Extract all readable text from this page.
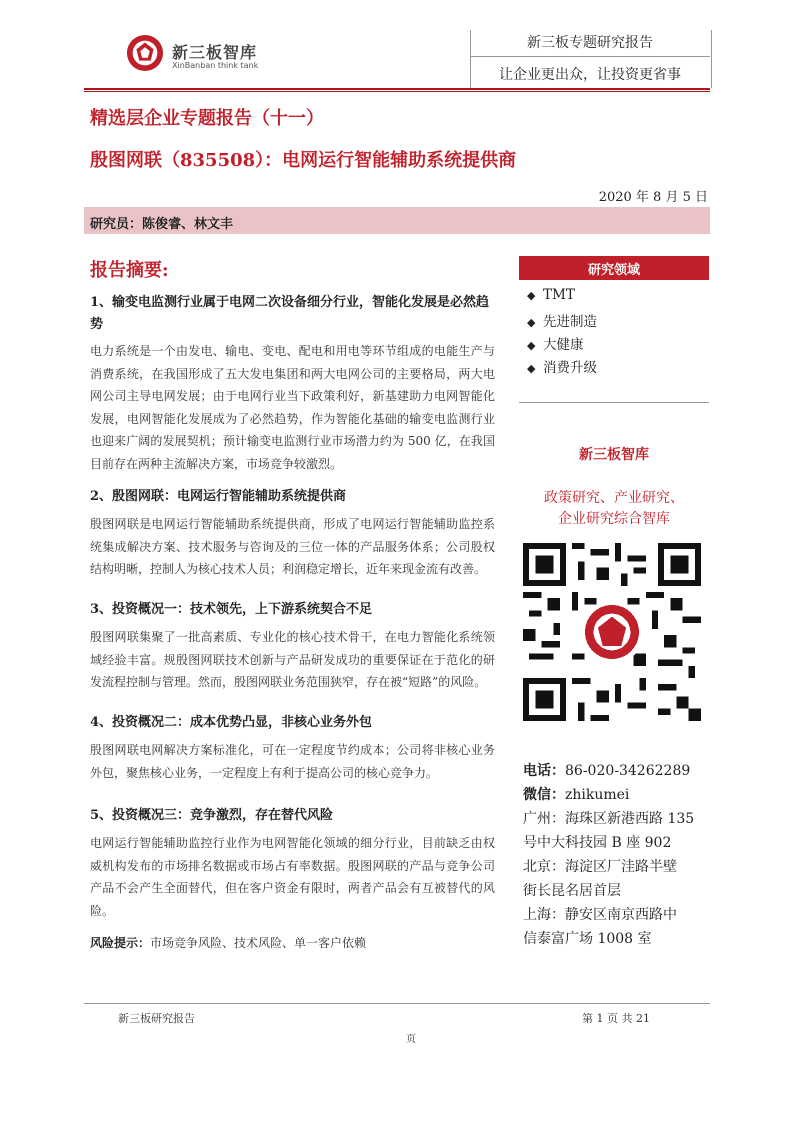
新三板智库
XinBanban think tank
新三板专题研究报告
让企业更出众，让投资更省事
精选层企业专题报告（十一）
殷图网联（835508）：电网运行智能辅助系统提供商
2020 年 8 月 5 日
研究员：陈俊睿、林文丰
报告摘要:
1、输变电监测行业属于电网二次设备细分行业，智能化发展是必然趋势
电力系统是一个由发电、输电、变电、配电和用电等环节组成的电能生产与消费系统，在我国形成了五大发电集团和两大电网公司的主要格局，两大电网公司主导电网发展；由于电网行业当下政策利好，新基建助力电网智能化发展，电网智能化发展成为了必然趋势，作为智能化基础的输变电监测行业也迎来广阔的发展契机；预计输变电监测行业市场潜力约为 500 亿，在我国目前存在两种主流解决方案，市场竞争较激烈。
2、殷图网联：电网运行智能辅助系统提供商
殷图网联是电网运行智能辅助系统提供商，形成了电网运行智能辅助监控系统集成解决方案、技术服务与咨询及的三位一体的产品服务体系；公司股权结构明晰，控制人为核心技术人员；利润稳定增长，近年来现金流有改善。
3、投资概况一：技术领先，上下游系统契合不足
殷图网联集聚了一批高素质、专业化的核心技术骨干，在电力智能化系统领域经验丰富。规殷图网联技术创新与产品研发成功的重要保证在于范化的研发流程控制与管理。然而，殷图网联业务范围狭窄，存在被“短路”的风险。
4、投资概况二：成本优势凸显，非核心业务外包
殷图网联电网解决方案标准化，可在一定程度节约成本；公司将非核心业务外包，聚焦核心业务，一定程度上有利于提高公司的核心竞争力。
5、投资概况三：竞争激烈，存在替代风险
电网运行智能辅助监控行业作为电网智能化领域的细分行业，目前缺乏由权威机构发布的市场排名数据或市场占有率数据。殷图网联的产品与竞争公司产品不会产生全面替代，但在客户资金有限时，两者产品会有互被替代的风险。
风险提示：市场竞争风险、技术风险、单一客户依赖
研究领域
◆ TMT
◆ 先进制造
◆ 大健康
◆ 消费升级
新三板智库
政策研究、产业研究、
企业研究综合智库
电话：86-020-34262289
微信：zhikumei
广州：海珠区新港西路 135
号中大科技园 B 座 902
北京：海淀区厂洼路半壁
街长昆名居首层
上海：静安区南京西路中
信泰富广场 1008 室
新三板研究报告	第 1 页 共 21
页
